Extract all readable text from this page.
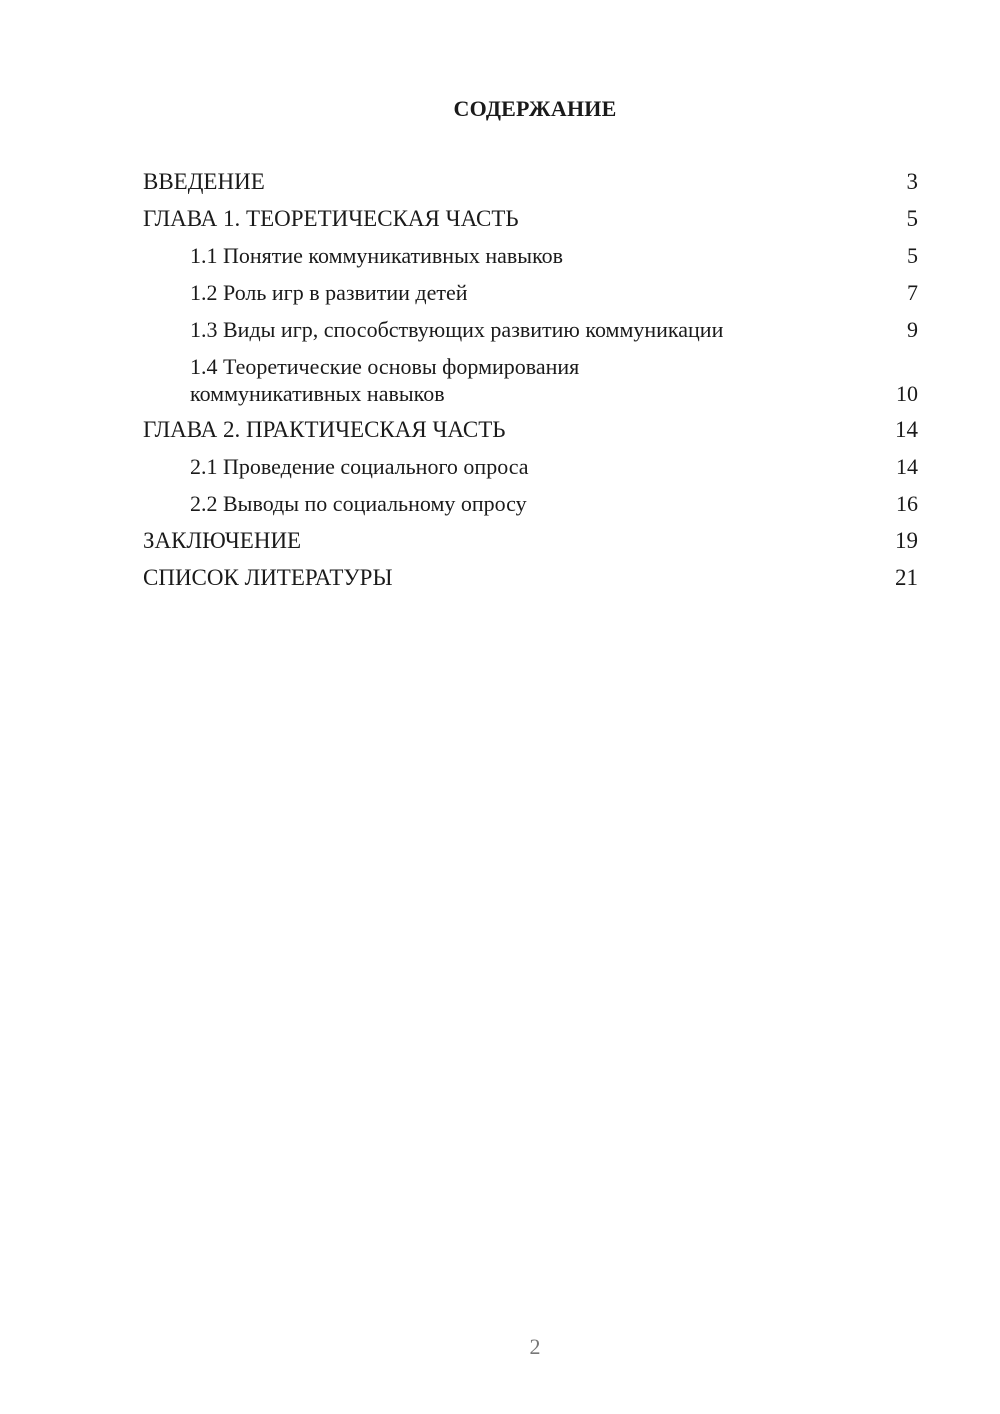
СОДЕРЖАНИЕ
ВВЕДЕНИЕ	3
ГЛАВА 1. ТЕОРЕТИЧЕСКАЯ ЧАСТЬ	5
1.1 Понятие коммуникативных навыков	5
1.2 Роль игр в развитии детей	7
1.3 Виды игр, способствующих развитию коммуникации	9
1.4 Теоретические основы формирования
коммуникативных навыков	10
ГЛАВА 2. ПРАКТИЧЕСКАЯ ЧАСТЬ	14
2.1 Проведение социального опроса	14
2.2 Выводы по социальному опросу	16
ЗАКЛЮЧЕНИЕ	19
СПИСОК ЛИТЕРАТУРЫ	21
2
